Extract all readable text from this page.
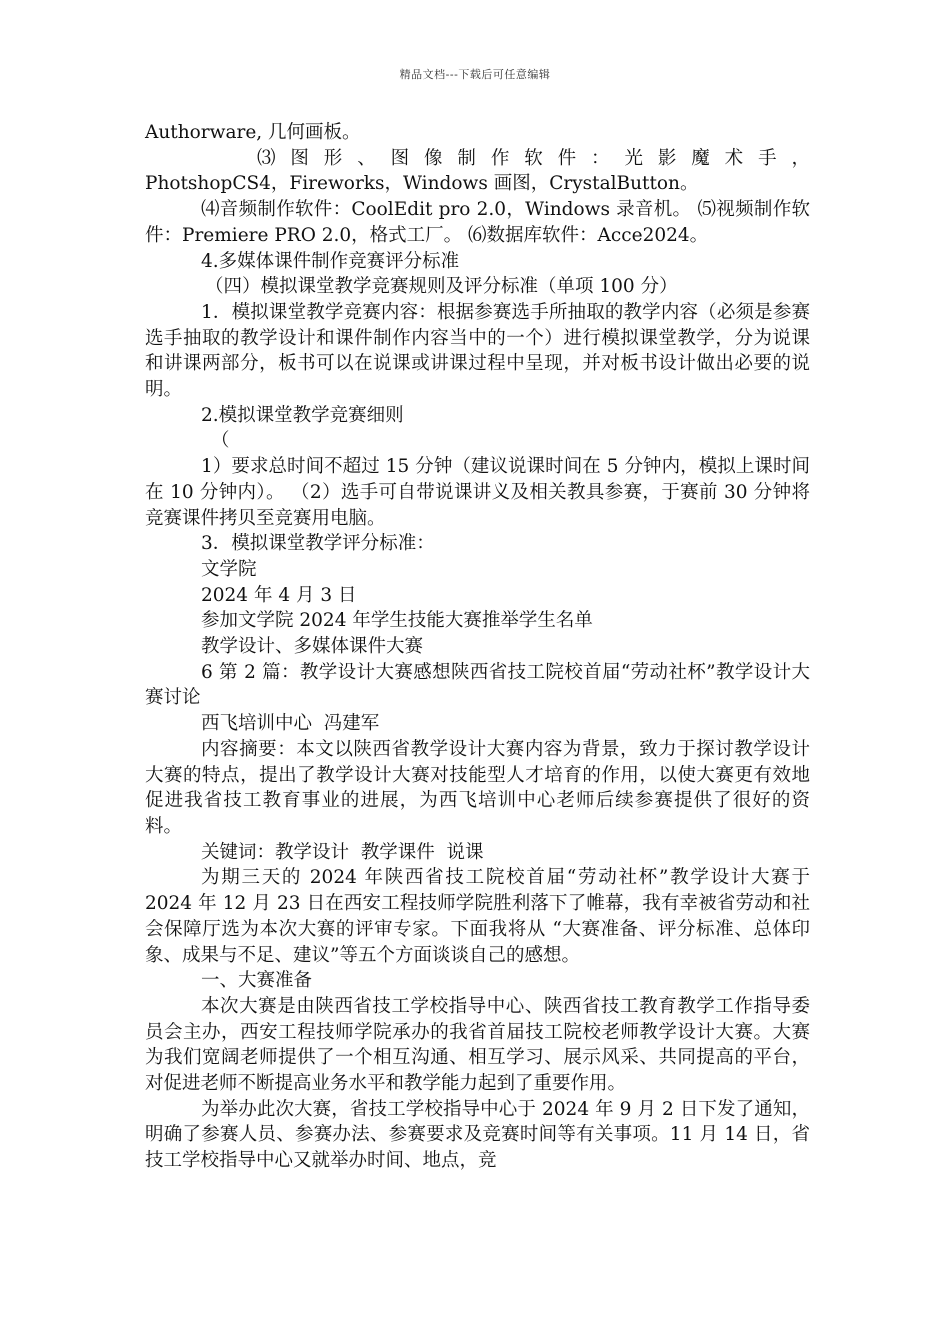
精品文档---下载后可任意编辑

Authorware, 几何画板。

⑶ 图 形 、 图 像 制 作 软 件 ： 光 影 魔 术 手 ，

PhotshopCS4，Fireworks，Windows 画图，CrystalButton。

⑷音频制作软件：CoolEdit pro 2.0，Windows 录音机。 ⑸视频制作软件：Premiere PRO 2.0，格式工厂。 ⑹数据库软件：Acce2024。

4.多媒体课件制作竞赛评分标准

（四）模拟课堂教学竞赛规则及评分标准（单项 100 分）

1．模拟课堂教学竞赛内容：根据参赛选手所抽取的教学内容（必须是参赛选手抽取的教学设计和课件制作内容当中的一个）进行模拟课堂教学，分为说课和讲课两部分，板书可以在说课或讲课过程中呈现，并对板书设计做出必要的说明。

2.模拟课堂教学竞赛细则

（

1）要求总时间不超过 15 分钟（建议说课时间在 5 分钟内，模拟上课时间在 10 分钟内）。 （2）选手可自带说课讲义及相关教具参赛，于赛前 30 分钟将竞赛课件拷贝至竞赛用电脑。

3．模拟课堂教学评分标准：

文学院

2024 年 4 月 3 日

参加文学院 2024 年学生技能大赛推举学生名单

教学设计、多媒体课件大赛

6 第 2 篇：教学设计大赛感想陕西省技工院校首届“劳动社杯”教学设计大赛讨论

西飞培训中心  冯建军

内容摘要：本文以陕西省教学设计大赛内容为背景，致力于探讨教学设计大赛的特点，提出了教学设计大赛对技能型人才培育的作用，以使大赛更有效地促进我省技工教育事业的进展，为西飞培训中心老师后续参赛提供了很好的资料。

关键词：教学设计  教学课件  说课

为期三天的 2024 年陕西省技工院校首届“劳动社杯”教学设计大赛于 2024 年 12 月 23 日在西安工程技师学院胜利落下了帷幕，我有幸被省劳动和社会保障厅选为本次大赛的评审专家。下面我将从 “大赛准备、评分标准、总体印象、成果与不足、建议”等五个方面谈谈自己的感想。

一、大赛准备

本次大赛是由陕西省技工学校指导中心、陕西省技工教育教学工作指导委员会主办，西安工程技师学院承办的我省首届技工院校老师教学设计大赛。大赛为我们宽阔老师提供了一个相互沟通、相互学习、展示风采、共同提高的平台，对促进老师不断提高业务水平和教学能力起到了重要作用。

为举办此次大赛，省技工学校指导中心于 2024 年 9 月 2 日下发了通知，明确了参赛人员、参赛办法、参赛要求及竞赛时间等有关事项。11 月 14 日，省技工学校指导中心又就举办时间、地点，竞
